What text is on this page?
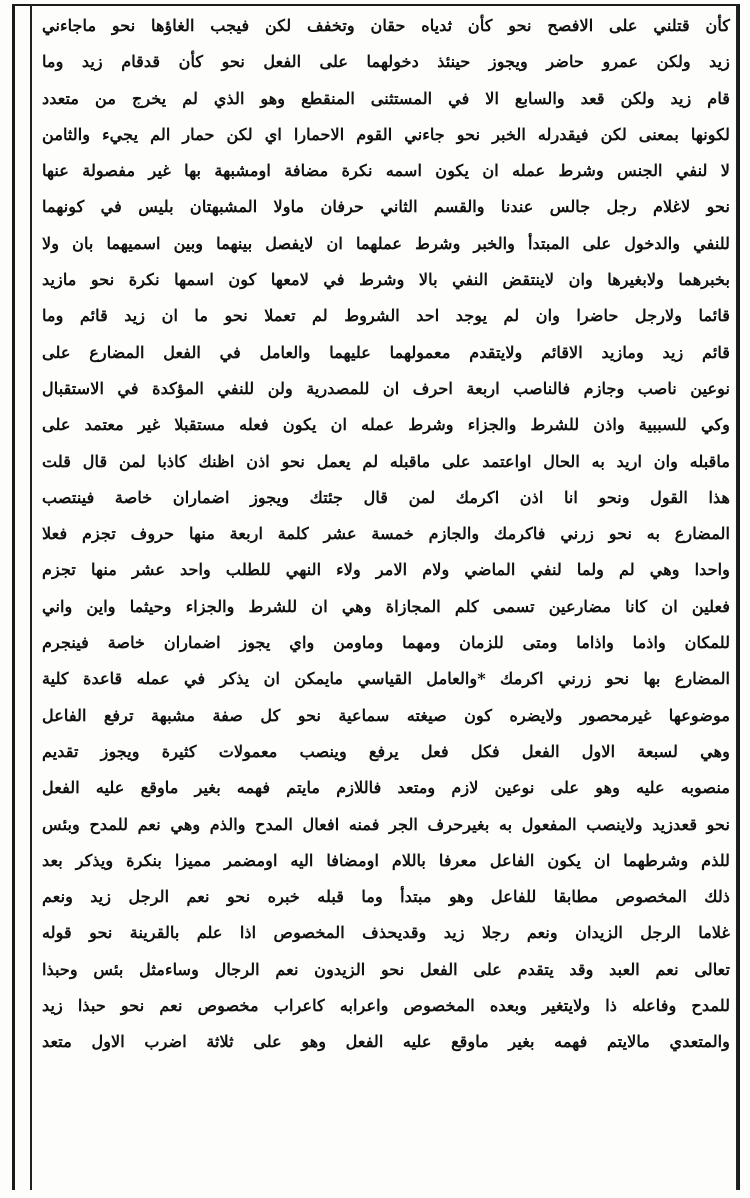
كأن قتلني على الافصح نحو كأن ثدياه حقان وتخفف لكن فيجب الغاؤها نحو ماجاءني
زيد ولكن عمرو حاضر ويجوز حينئذ دخولهما على الفعل نحو كأن قدقام زيد وما
قام زيد ولكن قعد والسابع الا في المستثنى المنقطع وهو الذي لم يخرج من متعدد
لكونها بمعنى لكن فيقدرله الخبر نحو جاءني القوم الاحمارا اي لكن حمار الم يجيء والثامن
لا لنفي الجنس وشرط عمله ان يكون اسمه نكرة مضافة اومشبهة بها غير مفصولة عنها
نحو لاغلام رجل جالس عندنا والقسم الثاني حرفان ماولا المشبهتان بليس في كونهما
للنفي والدخول على المبتدأ والخبر وشرط عملهما ان لايفصل بينهما وبين اسميهما بان ولا
بخبرهما ولابغيرها وان لاينتقض النفي بالا وشرط في لامعها كون اسمها نكرة نحو مازيد
قائما ولارجل حاضرا وان لم يوجد احد الشروط لم تعملا نحو ما ان زيد قائم وما
قائم زيد ومازيد الاقائم ولايتقدم معمولهما عليهما والعامل في الفعل المضارع على
نوعين ناصب وجازم فالناصب اربعة احرف ان للمصدرية ولن للنفي المؤكدة في الاستقبال
وكي للسببية واذن للشرط والجزاء وشرط عمله ان يكون فعله مستقبلا غير معتمد على
ماقبله وان اريد به الحال اواعتمد على ماقبله لم يعمل نحو اذن اظنك كاذبا لمن قال قلت
هذا القول ونحو انا اذن اكرمك لمن قال جئتك ويجوز اضماران خاصة فينتصب
المضارع به نحو زرني فاكرمك والجازم خمسة عشر كلمة اربعة منها حروف تجزم فعلا
واحدا وهي لم ولما لنفي الماضي ولام الامر ولاء النهي للطلب واحد عشر منها تجزم
فعلين ان كانا مضارعين تسمى كلم المجازاة وهي ان للشرط والجزاء وحيثما واين واني
للمكان واذما واذاما ومتى للزمان ومهما وماومن واي يجوز اضماران خاصة فينجرم
المضارع بها نحو زرني اكرمك *والعامل القياسي مايمكن ان يذكر في عمله قاعدة كلية
موضوعها غيرمحصور ولايضره كون صيغته سماعية نحو كل صفة مشبهة ترفع الفاعل
وهي لسبعة الاول الفعل فكل فعل يرفع وينصب معمولات كثيرة ويجوز تقديم
منصوبه عليه وهو على نوعين لازم ومتعد فاللازم مايتم فهمه بغير ماوقع عليه الفعل
نحو قعدزيد ولاينصب المفعول به بغيرحرف الجر فمنه افعال المدح والذم وهي نعم للمدح وبئس
للذم وشرطهما ان يكون الفاعل معرفا باللام اومضافا اليه اومضمر مميزا بنكرة ويذكر بعد
ذلك المخصوص مطابقا للفاعل وهو مبتدأ وما قبله خبره نحو نعم الرجل زيد ونعم
غلاما الرجل الزيدان ونعم رجلا زيد وقديحذف المخصوص اذا علم بالقرينة نحو قوله
تعالى نعم العبد وقد يتقدم على الفعل نحو الزيدون نعم الرجال وساءمثل بئس وحبذا
للمدح وفاعله ذا ولايتغير وبعده المخصوص واعرابه كاعراب مخصوص نعم نحو حبذا زيد
والمتعدي مالايتم فهمه بغير ماوقع عليه الفعل وهو على ثلاثة اضرب الاول متعد
